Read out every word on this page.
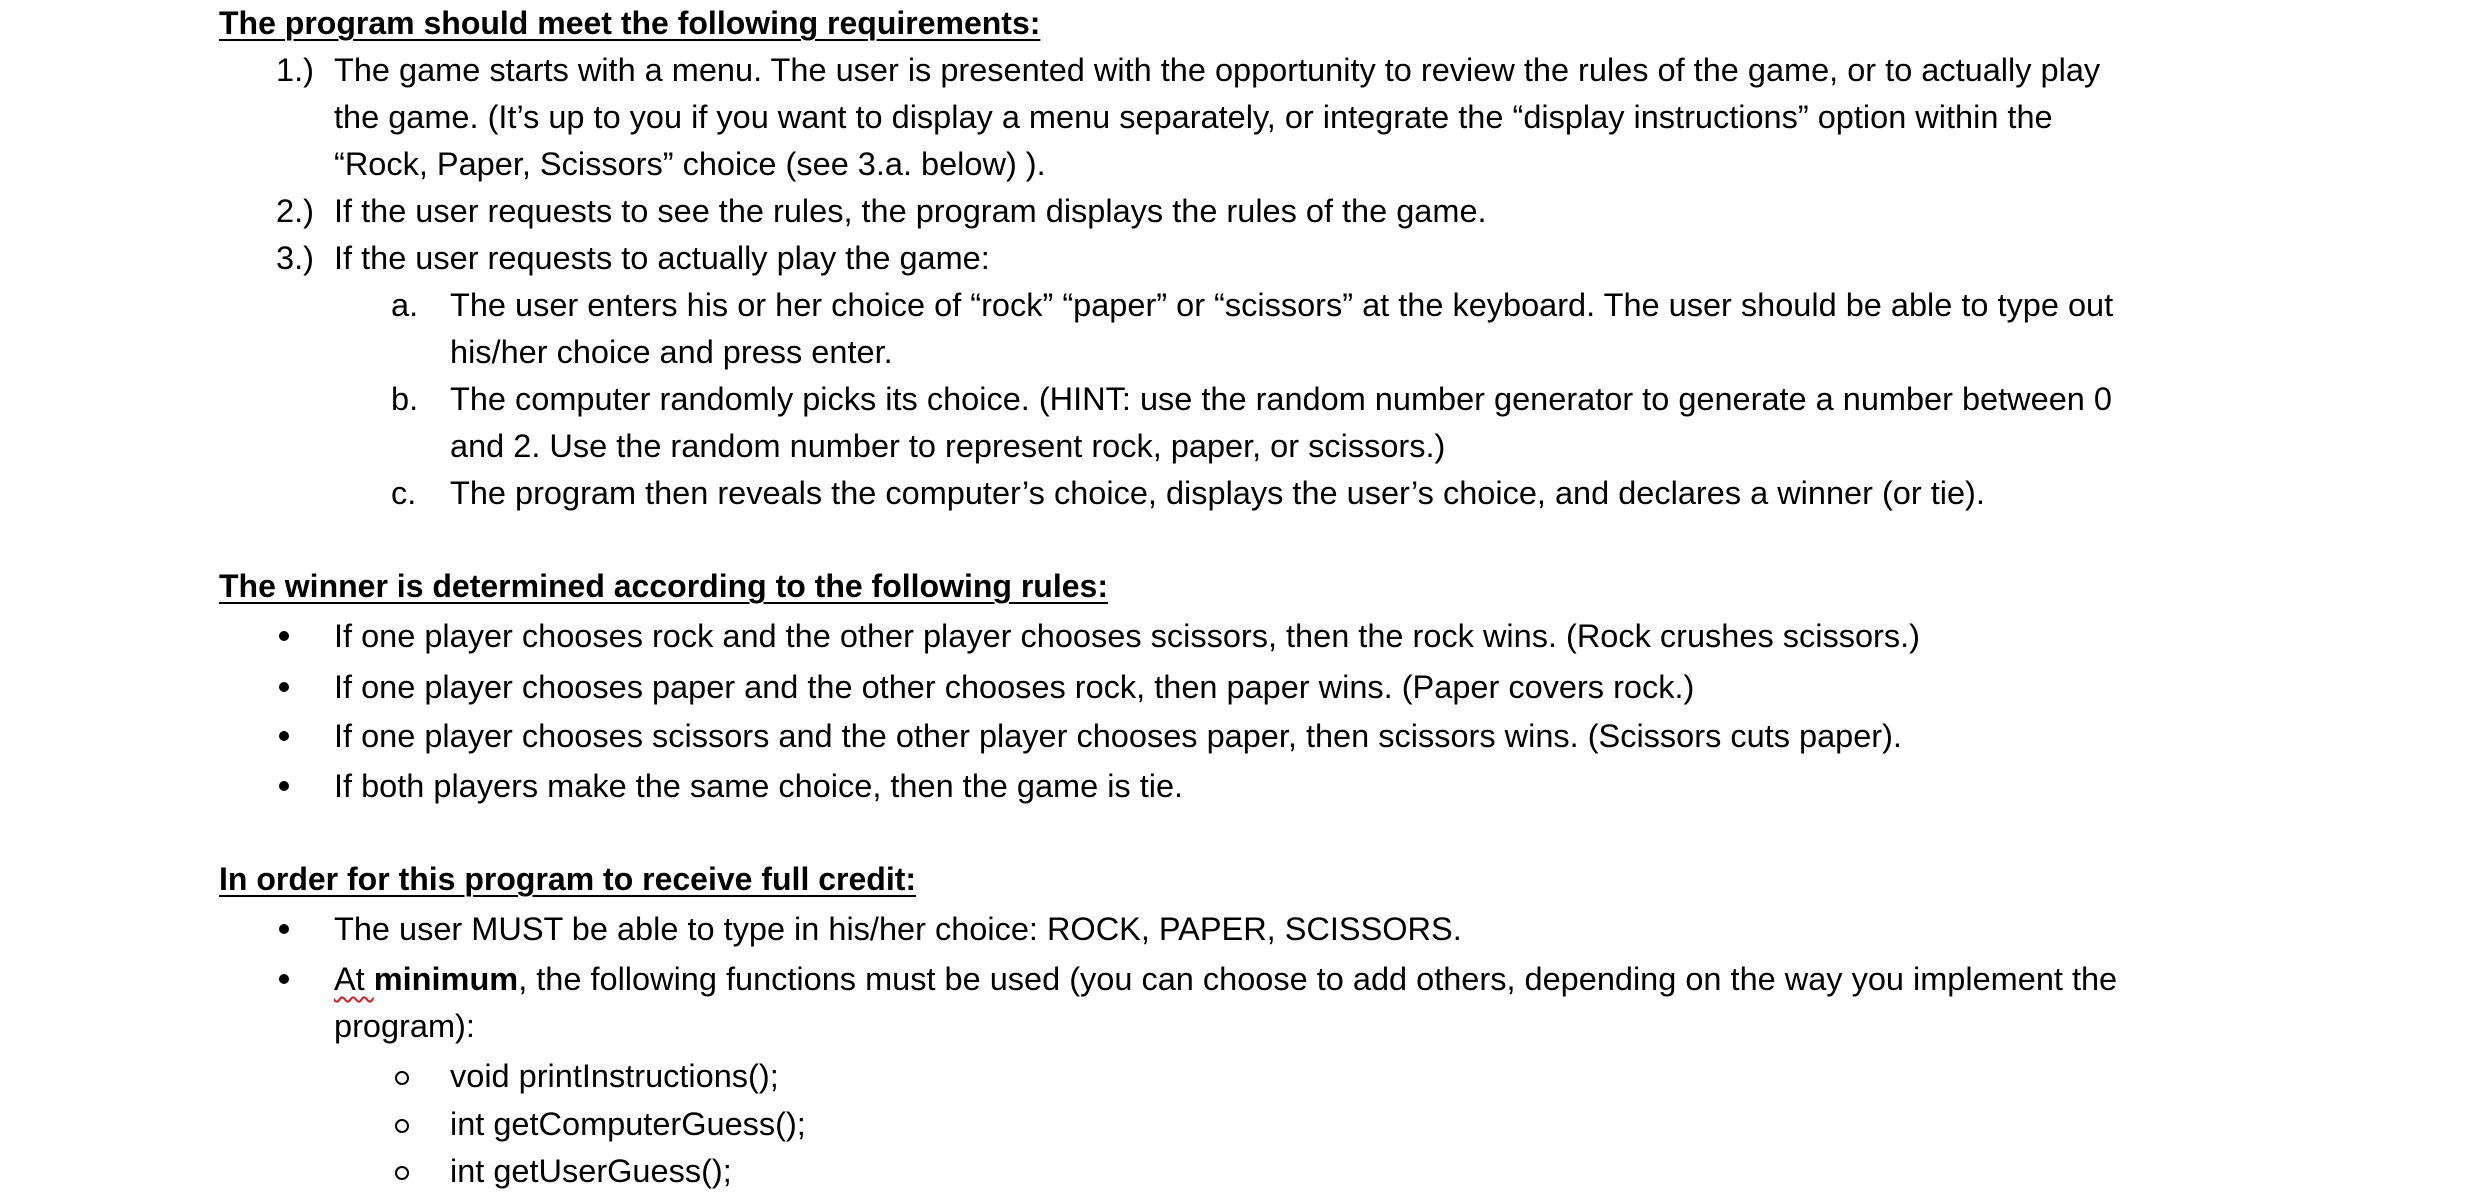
The program should meet the following requirements:
1.) The game starts with a menu. The user is presented with the opportunity to review the rules of the game, or to actually play
the game. (It’s up to you if you want to display a menu separately, or integrate the “display instructions” option within the
“Rock, Paper, Scissors” choice (see 3.a. below) ).
2.) If the user requests to see the rules, the program displays the rules of the game.
3.) If the user requests to actually play the game:
a. The user enters his or her choice of “rock” “paper” or “scissors” at the keyboard. The user should be able to type out
his/her choice and press enter.
b. The computer randomly picks its choice. (HINT: use the random number generator to generate a number between 0
and 2. Use the random number to represent rock, paper, or scissors.)
c. The program then reveals the computer’s choice, displays the user’s choice, and declares a winner (or tie).
The winner is determined according to the following rules:
If one player chooses rock and the other player chooses scissors, then the rock wins. (Rock crushes scissors.)
If one player chooses paper and the other chooses rock, then paper wins. (Paper covers rock.)
If one player chooses scissors and the other player chooses paper, then scissors wins. (Scissors cuts paper).
If both players make the same choice, then the game is tie.
In order for this program to receive full credit:
The user MUST be able to type in his/her choice: ROCK, PAPER, SCISSORS.
At minimum, the following functions must be used (you can choose to add others, depending on the way you implement the
program):
void printInstructions();
int getComputerGuess();
int getUserGuess();
